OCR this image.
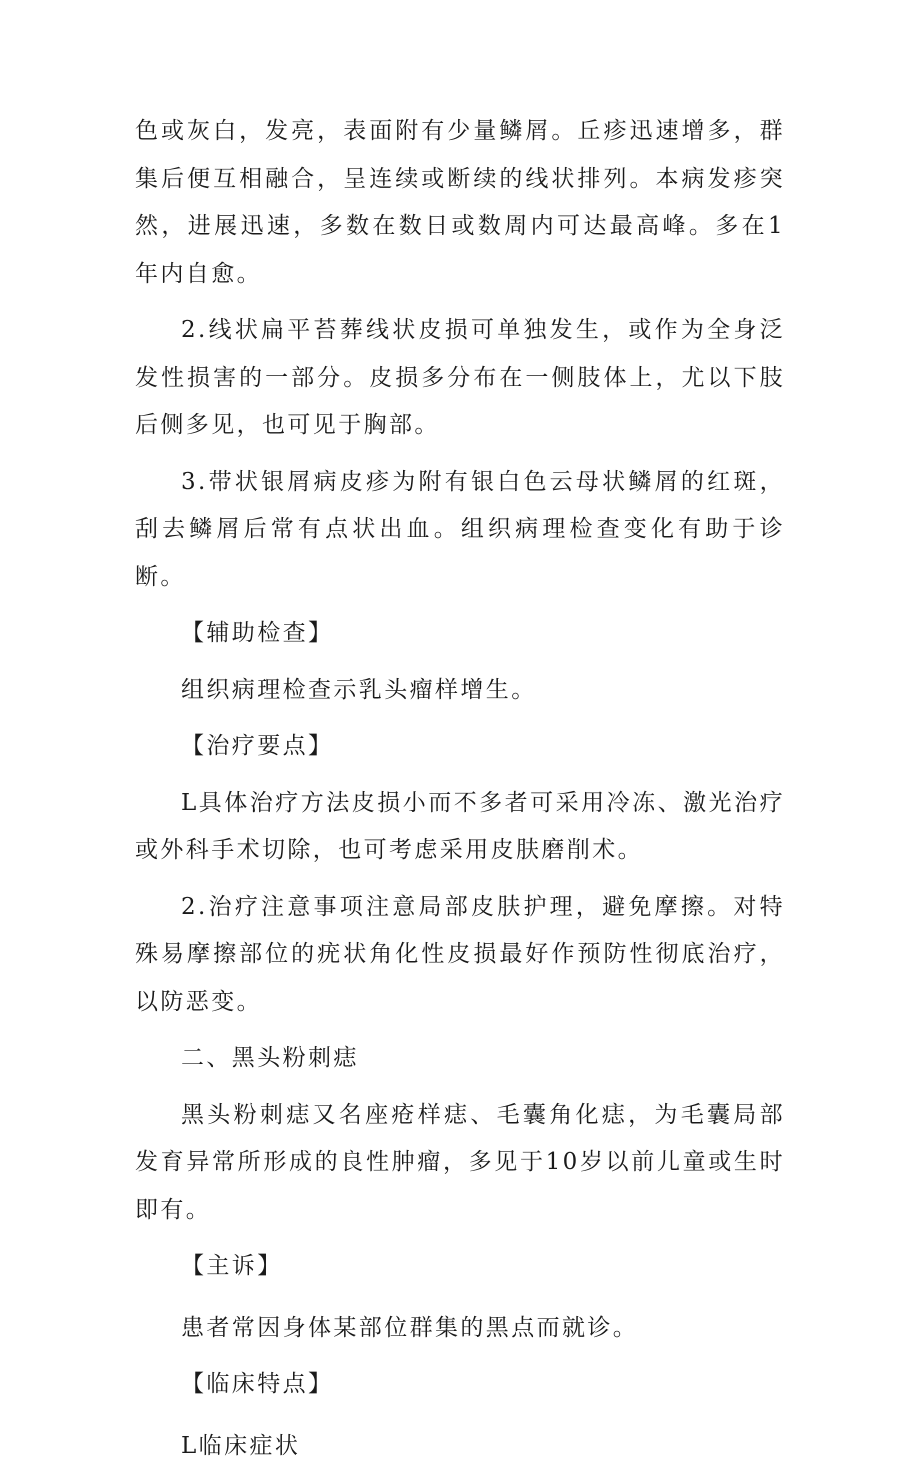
色或灰白，发亮，表面附有少量鳞屑。丘疹迅速增多，群集后便互相融合，呈连续或断续的线状排列。本病发疹突然，进展迅速，多数在数日或数周内可达最高峰。多在1年内自愈。

2.线状扁平苔葬线状皮损可单独发生，或作为全身泛发性损害的一部分。皮损多分布在一侧肢体上，尤以下肢后侧多见，也可见于胸部。

3.带状银屑病皮疹为附有银白色云母状鳞屑的红斑，刮去鳞屑后常有点状出血。组织病理检查变化有助于诊断。

【辅助检查】

组织病理检查示乳头瘤样增生。

【治疗要点】

L具体治疗方法皮损小而不多者可采用冷冻、激光治疗或外科手术切除，也可考虑采用皮肤磨削术。

2.治疗注意事项注意局部皮肤护理，避免摩擦。对特殊易摩擦部位的疣状角化性皮损最好作预防性彻底治疗，以防恶变。

二、黑头粉刺痣

黑头粉刺痣又名座疮样痣、毛囊角化痣，为毛囊局部发育异常所形成的良性肿瘤，多见于10岁以前儿童或生时即有。

【主诉】

患者常因身体某部位群集的黑点而就诊。

【临床特点】

L临床症状
